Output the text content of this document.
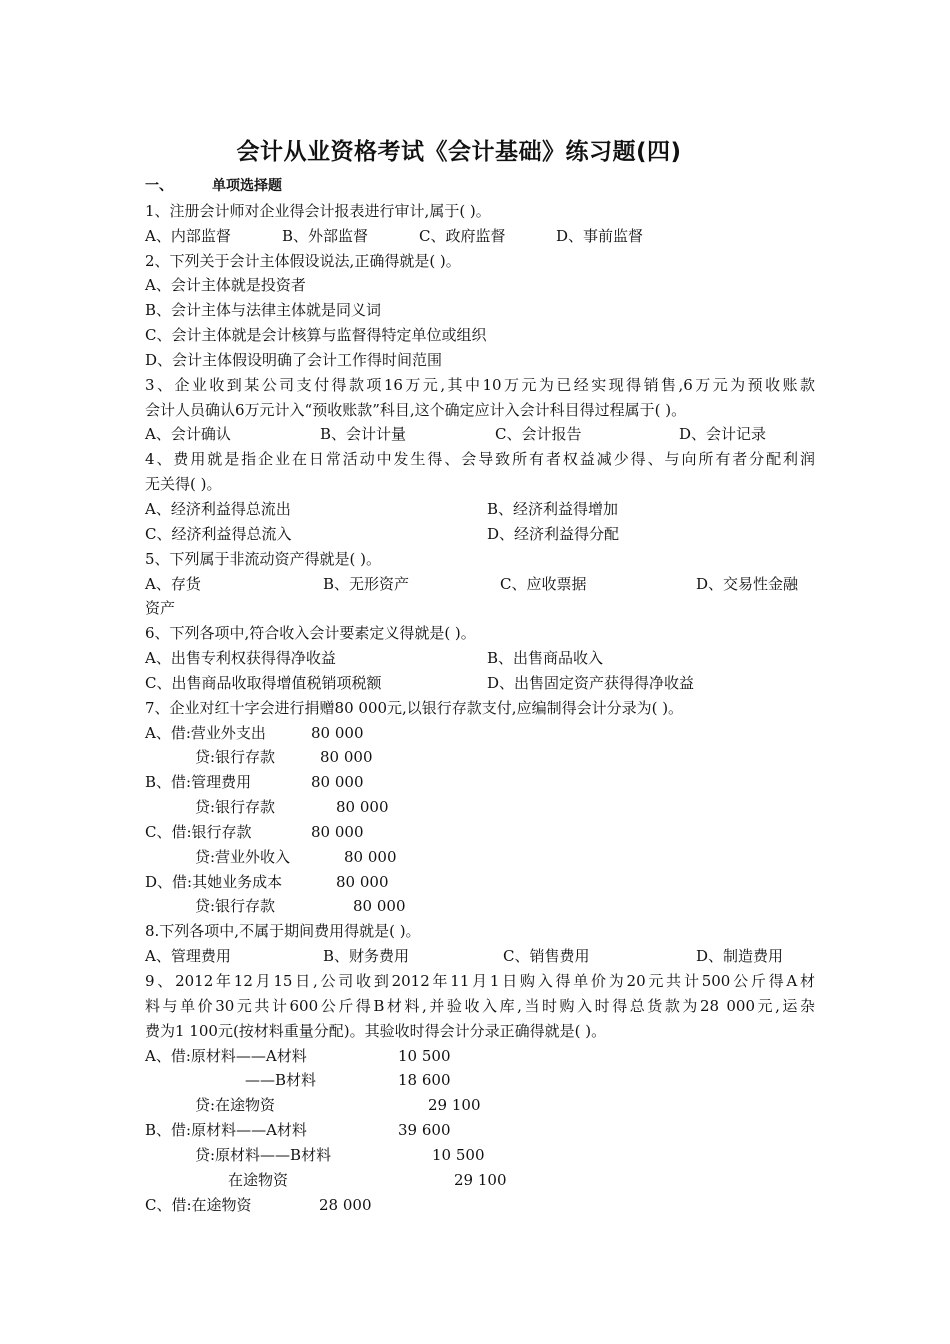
会计从业资格考试《会计基础》练习题(四)
一、	单项选择题
1、注册会计师对企业得会计报表进行审计,属于( )。
A、内部监督	B、外部监督	C、政府监督	D、事前监督
2、下列关于会计主体假设说法,正确得就是( )。
A、会计主体就是投资者
B、会计主体与法律主体就是同义词
C、会计主体就是会计核算与监督得特定单位或组织
D、会计主体假设明确了会计工作得时间范围
3、企业收到某公司支付得款项16万元,其中10万元为已经实现得销售,6万元为预收账款
会计人员确认6万元计入“预收账款”科目,这个确定应计入会计科目得过程属于( )。
A、会计确认	B、会计计量	C、会计报告	D、会计记录
4、费用就是指企业在日常活动中发生得、会导致所有者权益减少得、与向所有者分配利润
无关得( )。
A、经济利益得总流出	B、经济利益得增加
C、经济利益得总流入	D、经济利益得分配
5、下列属于非流动资产得就是( )。
A、存货	B、无形资产	C、应收票据	D、交易性金融
资产
6、下列各项中,符合收入会计要素定义得就是( )。
A、出售专利权获得得净收益	B、出售商品收入
C、出售商品收取得增值税销项税额	D、出售固定资产获得得净收益
7、企业对红十字会进行捐赠80 000元,以银行存款支付,应编制得会计分录为( )。
A、借:营业外支出	80 000
贷:银行存款	80 000
B、借:管理费用	80 000
贷:银行存款	80 000
C、借:银行存款	80 000
贷:营业外收入	80 000
D、借:其她业务成本	80 000
贷:银行存款	80 000
8.下列各项中,不属于期间费用得就是( )。
A、管理费用	B、财务费用	C、销售费用	D、制造费用
9、2012年12月15日,公司收到2012年11月1日购入得单价为20元共计500公斤得A材
料与单价30元共计600公斤得B材料,并验收入库,当时购入时得总货款为28 000元,运杂
费为1 100元(按材料重量分配)。其验收时得会计分录正确得就是( )。
A、借:原材料——A材料	10 500
——B材料	18 600
贷:在途物资	29 100
B、借:原材料——A材料	39 600
贷:原材料——B材料	10 500
在途物资	29 100
C、借:在途物资	28 000
